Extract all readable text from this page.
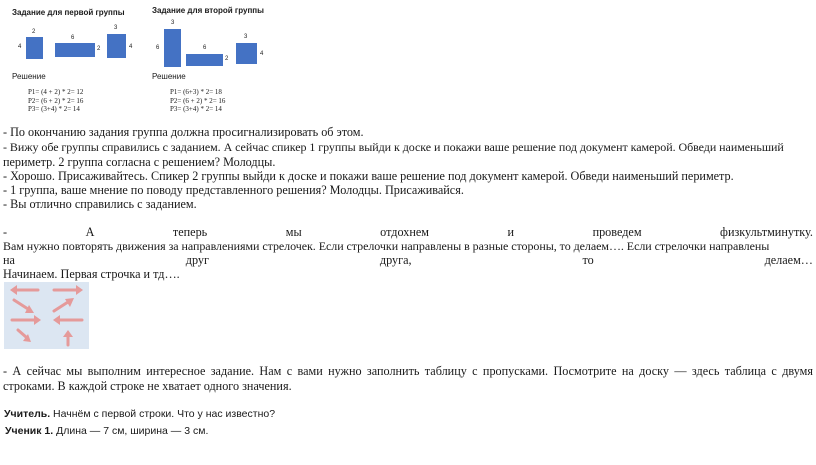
Задание для первой группы
4
2
6
2
3
4
Решение
P1= (4 + 2) * 2= 12
P2= (6 + 2) * 2= 16
P3= (3+4) * 2= 14
Задание для второй группы
3
6	6
2
3
4
Решение
P1= (6+3) * 2= 18
P2= (6 + 2) * 2= 16
P3= (3+4) * 2= 14
- По окончанию задания группа должна просигнализировать об этом.
- Вижу обе группы справились с заданием. А сейчас спикер 1 группы выйди к доске и покажи ваше решение под документ камерой. Обведи наименьший
периметр. 2 группа согласна с решением? Молодцы.
- Хорошо. Присаживайтесь. Спикер 2 группы выйди к доске и покажи ваше решение под документ камерой. Обведи наименьший периметр.
- 1 группа, ваше мнение по поводу представленного решения? Молодцы. Присаживайся.
- Вы отлично справились с заданием.
-	А	теперь	мы	отдохнем	и	проведем	физкультминутку.
Вам нужно повторять движения за направлениями стрелочек. Если стрелочки направлены в разные стороны, то делаем…. Если стрелочки направлены
на	друг	друга,	то	делаем…
Начинаем. Первая строчка и тд….
- А сейчас мы выполним интересное задание. Нам с вами нужно заполнить таблицу с пропусками. Посмотрите на доску — здесь таблица с двумя строками. В каждой строке не хватает одного значения.
Учитель. Начнём с первой строки. Что у нас известно?
Ученик 1. Длина — 7 см, ширина — 3 см.
